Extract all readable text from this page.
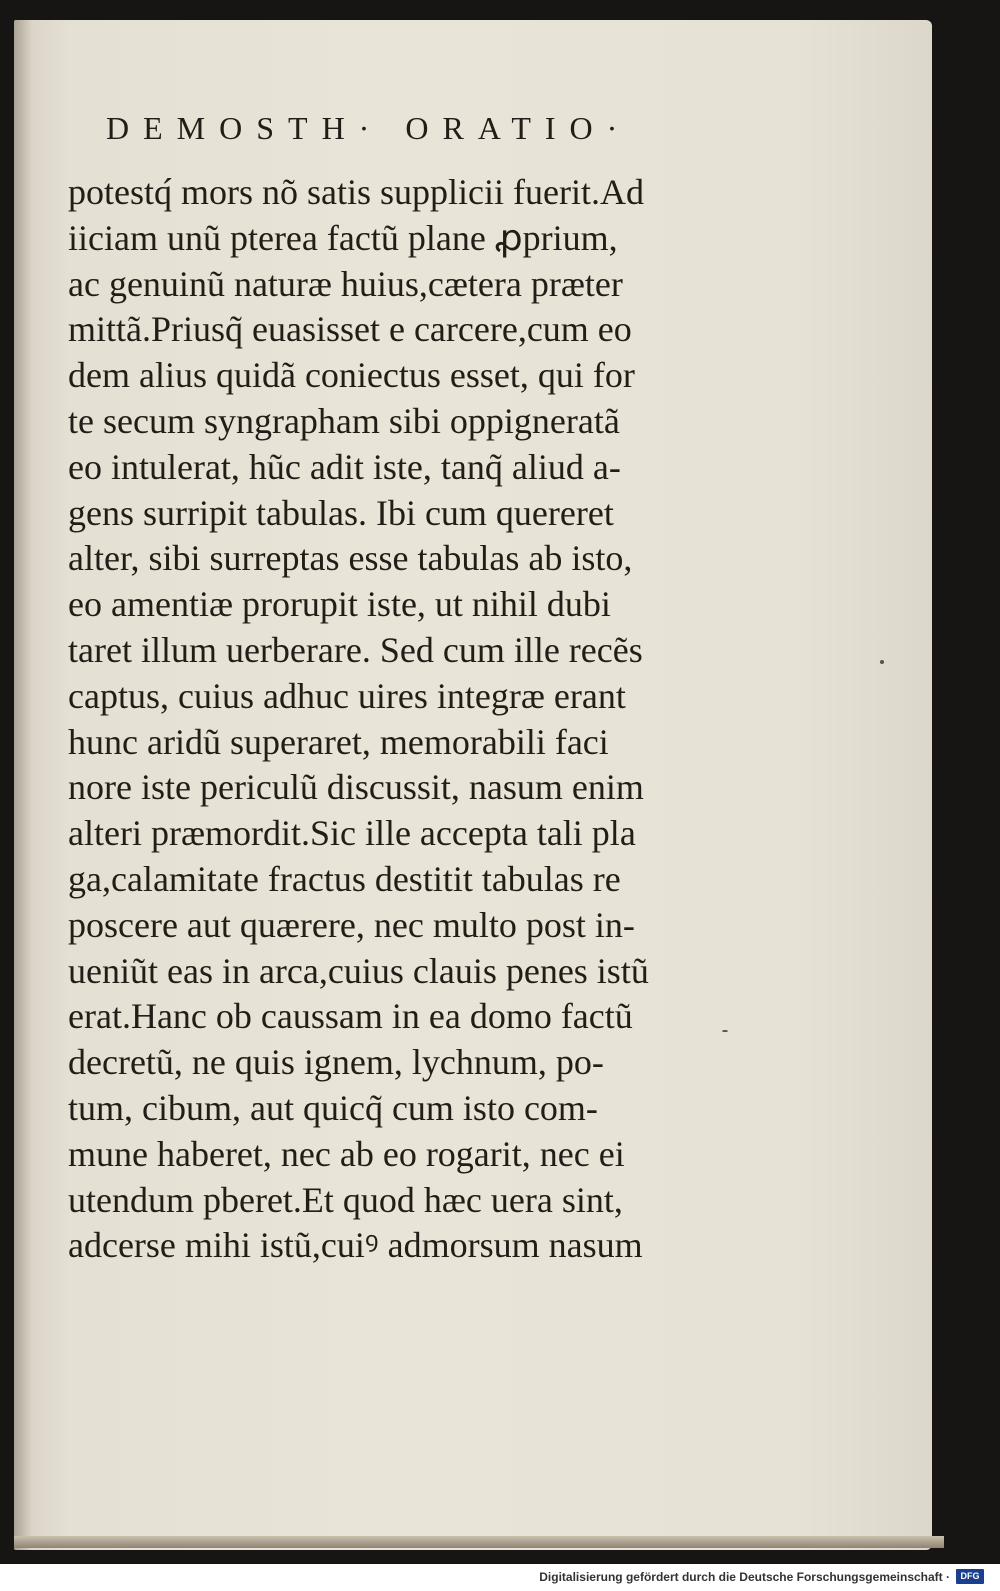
DEMOSTH· ORATIO·
potestq́ mors nõ satis supplicii fuerit.Ad
iiciam unũ pterea factũ plane ꝓprium,
ac genuinũ naturæ huius,cætera præter
mittã.Priusq̃ euasisset e carcere,cum eo
dem alius quidã coniectus esset, qui for
te secum syngrapham sibi oppigneratã
eo intulerat, hũc adit iste, tanq̃ aliud a-
gens surripit tabulas. Ibi cum quereret
alter, sibi surreptas esse tabulas ab isto,
eo amentiæ prorupit iste, ut nihil dubi
taret illum uerberare. Sed cum ille recẽs
captus, cuius adhuc uires integræ erant
hunc aridũ superaret, memorabili faci
nore iste periculũ discussit, nasum enim
alteri præmordit.Sic ille accepta tali pla
ga,calamitate fractus destitit tabulas re
poscere aut quærere, nec multo post in-
ueniũt eas in arca,cuius clauis penes istũ
erat.Hanc ob caussam in ea domo factũ
decretũ, ne quis ignem, lychnum, po-
tum, cibum, aut quicq̃ cum isto com-
mune haberet, nec ab eo rogarit, nec ei
utendum pberet.Et quod hæc uera sint,
adcerse mihi istũ,cuiꝰ admorsum nasum
Digitalisierung gefördert durch die Deutsche Forschungsgemeinschaft ·	DFG
